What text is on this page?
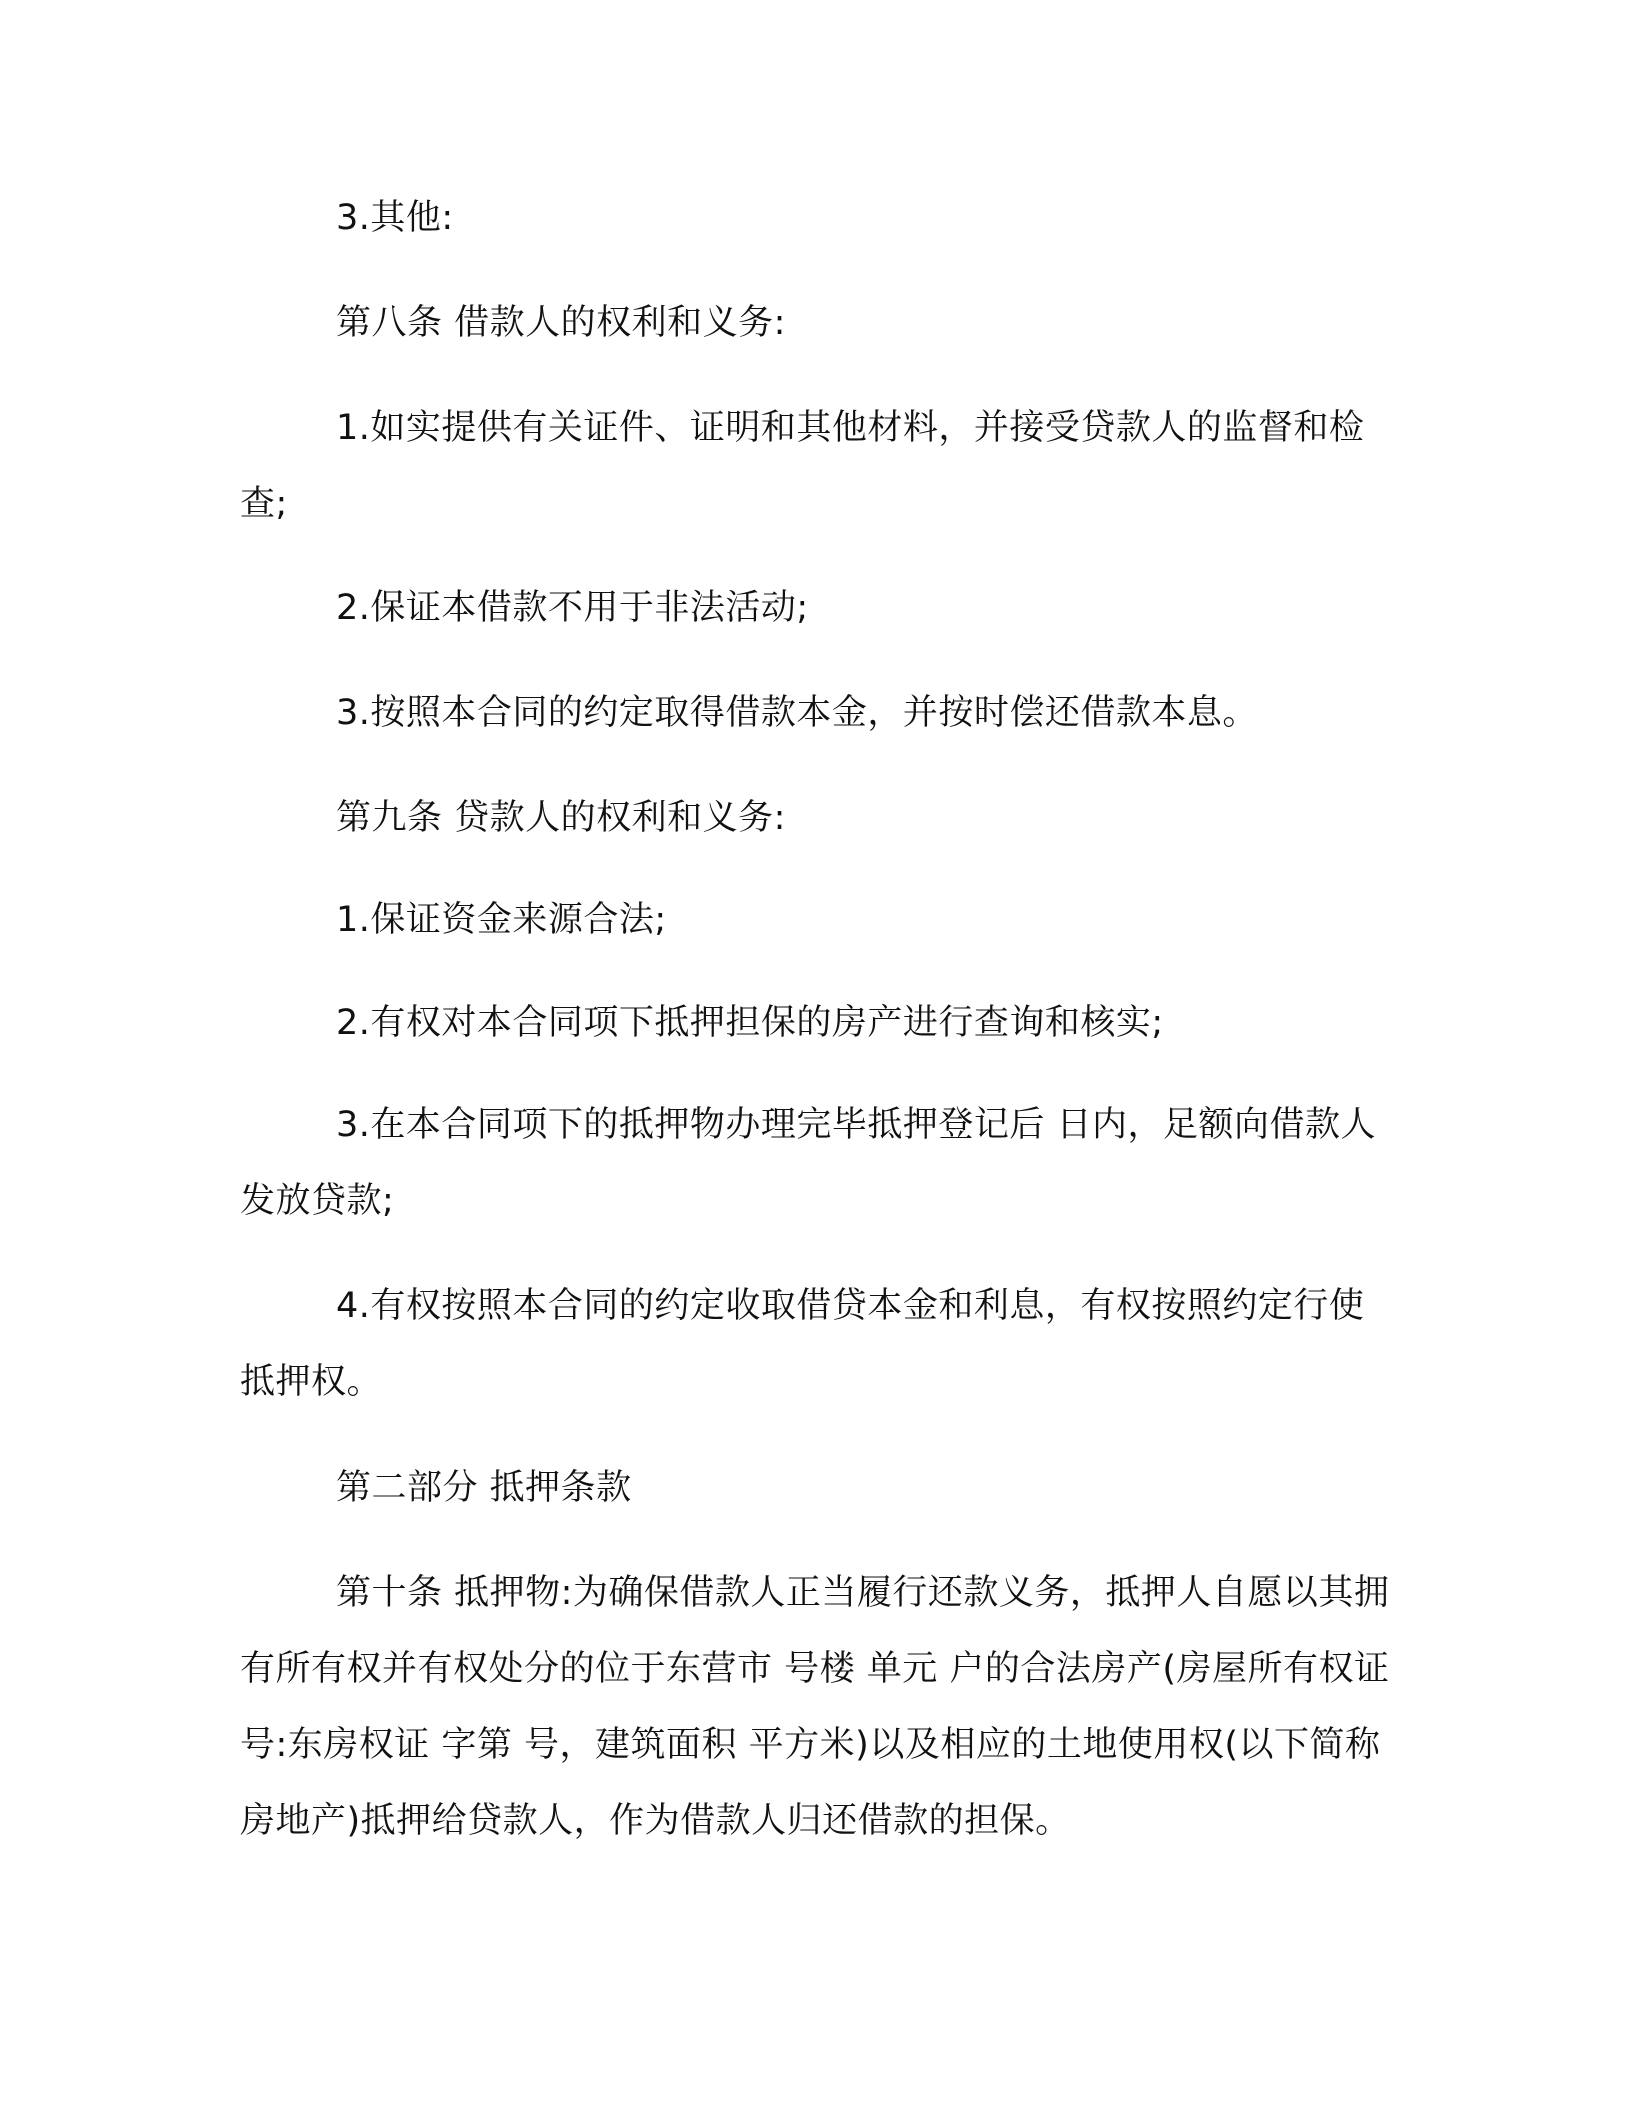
3.其他:

第八条 借款人的权利和义务:

1.如实提供有关证件、证明和其他材料，并接受贷款人的监督和检查;

2.保证本借款不用于非法活动;

3.按照本合同的约定取得借款本金，并按时偿还借款本息。

第九条 贷款人的权利和义务:

1.保证资金来源合法;

2.有权对本合同项下抵押担保的房产进行查询和核实;

3.在本合同项下的抵押物办理完毕抵押登记后 日内，足额向借款人发放贷款;

4.有权按照本合同的约定收取借贷本金和利息，有权按照约定行使抵押权。

第二部分 抵押条款

第十条 抵押物:为确保借款人正当履行还款义务，抵押人自愿以其拥有所有权并有权处分的位于东营市 号楼 单元 户的合法房产(房屋所有权证号:东房权证 字第 号，建筑面积 平方米)以及相应的土地使用权(以下简称房地产)抵押给贷款人，作为借款人归还借款的担保。
